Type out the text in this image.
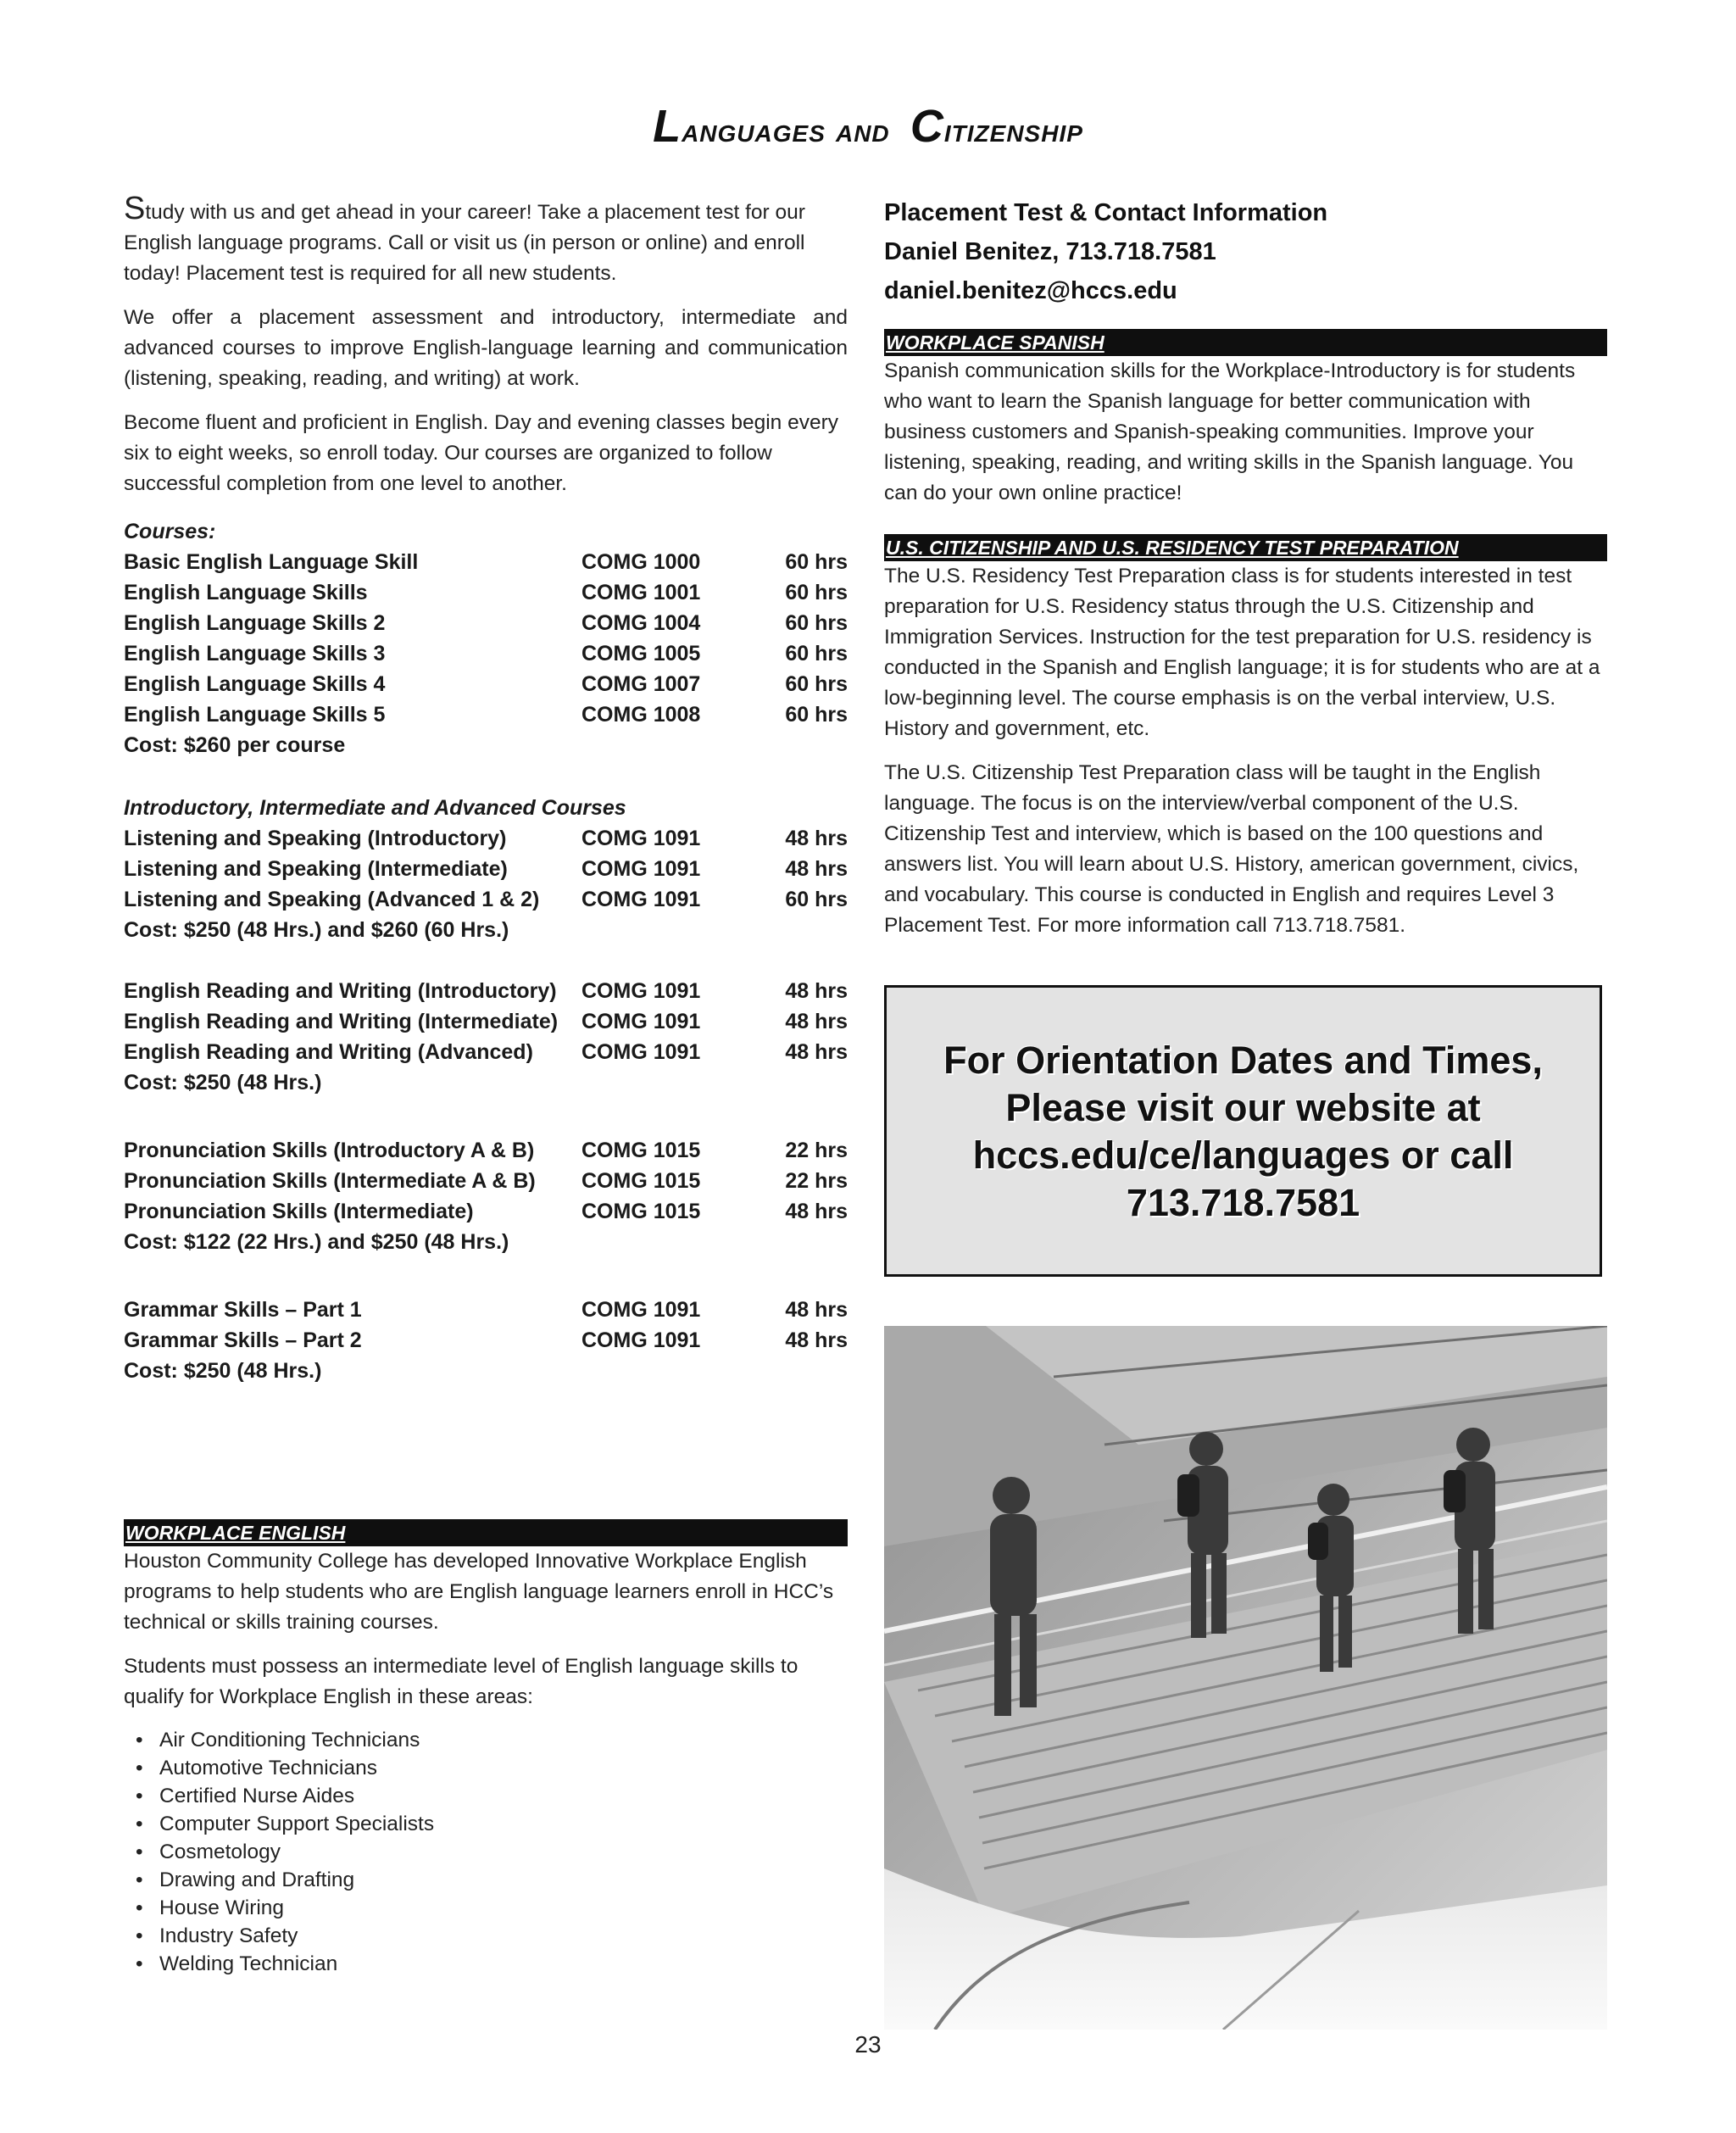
Languages and Citizenship

Study with us and get ahead in your career! Take a placement test for our English language programs. Call or visit us (in person or online) and enroll today! Placement test is required for all new students.

We offer a placement assessment and introductory, intermediate and advanced courses to improve English-language learning and communication (listening, speaking, reading, and writing) at work.

Become fluent and proficient in English. Day and evening classes begin every six to eight weeks, so enroll today. Our courses are organized to follow successful completion from one level to another.

Courses:
Basic English Language Skill	COMG 1000	60 hrs
English Language Skills	COMG 1001	60 hrs
English Language Skills 2	COMG 1004	60 hrs
English Language Skills 3	COMG 1005	60 hrs
English Language Skills 4	COMG 1007	60 hrs
English Language Skills 5	COMG 1008	60 hrs
Cost: $260 per course
Introductory, Intermediate and Advanced Courses
Listening and Speaking (Introductory)	COMG 1091	48 hrs
Listening and Speaking (Intermediate)	COMG 1091	48 hrs
Listening and Speaking (Advanced 1 & 2)	COMG 1091	60 hrs
Cost: $250 (48 Hrs.) and $260 (60 Hrs.)
English Reading and Writing (Introductory)	COMG 1091	48 hrs
English Reading and Writing (Intermediate)	COMG 1091	48 hrs
English Reading and Writing (Advanced)	COMG 1091	48 hrs
Cost: $250 (48 Hrs.)
Pronunciation Skills (Introductory A & B)	COMG 1015	22 hrs
Pronunciation Skills (Intermediate A & B)	COMG 1015	22 hrs
Pronunciation Skills (Intermediate)	COMG 1015	48 hrs
Cost: $122 (22 Hrs.) and $250 (48 Hrs.)
Grammar Skills – Part 1	COMG 1091	48 hrs
Grammar Skills – Part 2	COMG 1091	48 hrs
Cost: $250 (48 Hrs.)
WORKPLACE ENGLISH

Houston Community College has developed Innovative Workplace English programs to help students who are English language learners enroll in HCC’s technical or skills training courses.

Students must possess an intermediate level of English language skills to qualify for Workplace English in these areas:

• Air Conditioning Technicians
• Automotive Technicians
• Certified Nurse Aides
• Computer Support Specialists
• Cosmetology
• Drawing and Drafting
• House Wiring
• Industry Safety
• Welding Technician
Placement Test & Contact Information
Daniel Benitez, 713.718.7581
daniel.benitez@hccs.edu
WORKPLACE SPANISH

Spanish communication skills for the Workplace-Introductory is for students who want to learn the Spanish language for better communication with business customers and Spanish-speaking communities. Improve your listening, speaking, reading, and writing skills in the Spanish language. You can do your own online practice!

U.S. CITIZENSHIP AND U.S. RESIDENCY TEST PREPARATION

The U.S. Residency Test Preparation class is for students interested in test preparation for U.S. Residency status through the U.S. Citizenship and Immigration Services. Instruction for the test preparation for U.S. residency is conducted in the Spanish and English language; it is for students who are at a low-beginning level. The course emphasis is on the verbal interview, U.S. History and government, etc.

The U.S. Citizenship Test Preparation class will be taught in the English language. The focus is on the interview/verbal component of the U.S. Citizenship Test and interview, which is based on the 100 questions and answers list. You will learn about U.S. History, american government, civics, and vocabulary. This course is conducted in English and requires Level 3 Placement Test. For more information call 713.718.7581.

For Orientation Dates and Times,
Please visit our website at
hccs.edu/ce/languages or call
713.718.7581
23
